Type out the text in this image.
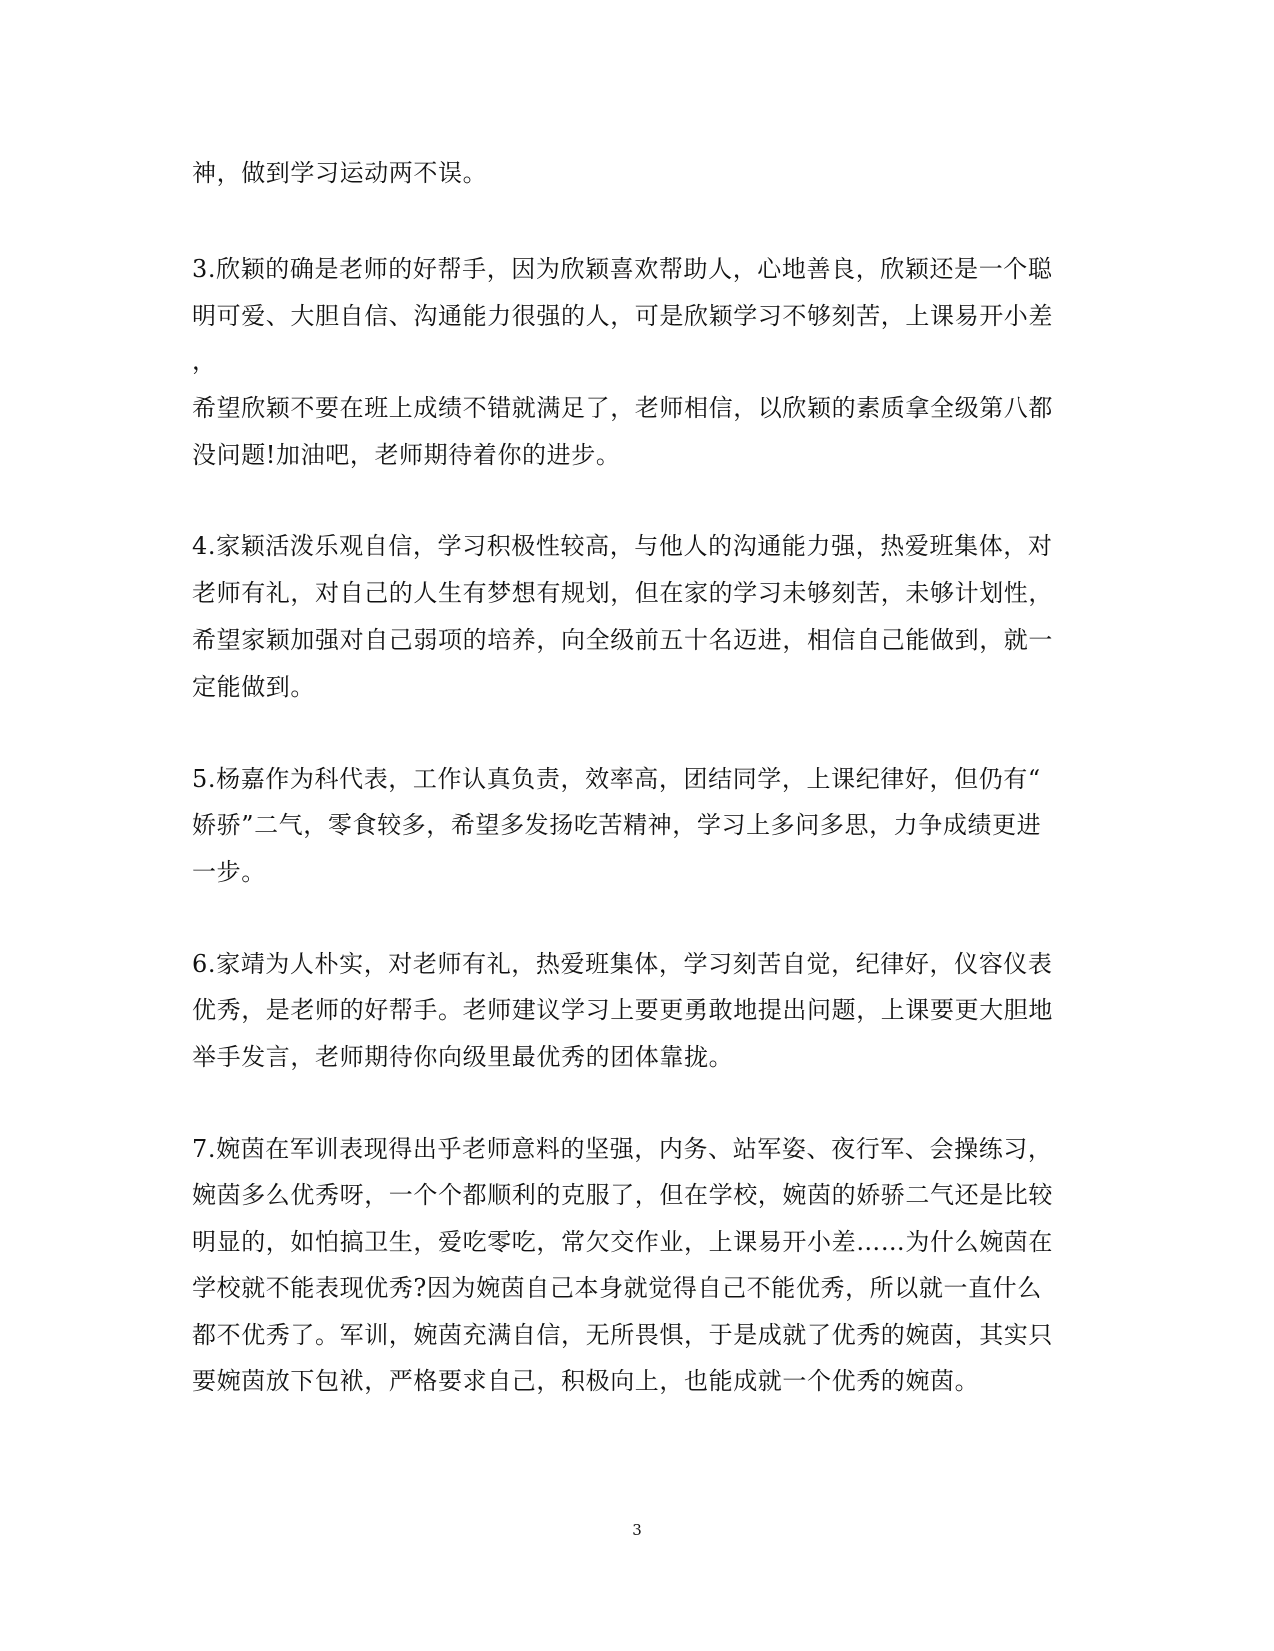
神，做到学习运动两不误。
3.欣颖的确是老师的好帮手，因为欣颖喜欢帮助人，心地善良，欣颖还是一个聪
明可爱、大胆自信、沟通能力很强的人，可是欣颖学习不够刻苦，上课易开小差
，
希望欣颖不要在班上成绩不错就满足了，老师相信，以欣颖的素质拿全级第八都
没问题!加油吧，老师期待着你的进步。
4.家颖活泼乐观自信，学习积极性较高，与他人的沟通能力强，热爱班集体，对
老师有礼，对自己的人生有梦想有规划，但在家的学习未够刻苦，未够计划性，
希望家颖加强对自己弱项的培养，向全级前五十名迈进，相信自己能做到，就一
定能做到。
5.杨嘉作为科代表，工作认真负责，效率高，团结同学，上课纪律好，但仍有“
娇骄”二气，零食较多，希望多发扬吃苦精神，学习上多问多思，力争成绩更进
一步。
6.家靖为人朴实，对老师有礼，热爱班集体，学习刻苦自觉，纪律好，仪容仪表
优秀，是老师的好帮手。老师建议学习上要更勇敢地提出问题，上课要更大胆地
举手发言，老师期待你向级里最优秀的团体靠拢。
7.婉茵在军训表现得出乎老师意料的坚强，内务、站军姿、夜行军、会操练习，
婉茵多么优秀呀，一个个都顺利的克服了，但在学校，婉茵的娇骄二气还是比较
明显的，如怕搞卫生，爱吃零吃，常欠交作业，上课易开小差……为什么婉茵在
学校就不能表现优秀?因为婉茵自己本身就觉得自己不能优秀，所以就一直什么
都不优秀了。军训，婉茵充满自信，无所畏惧，于是成就了优秀的婉茵，其实只
要婉茵放下包袱，严格要求自己，积极向上，也能成就一个优秀的婉茵。
3
